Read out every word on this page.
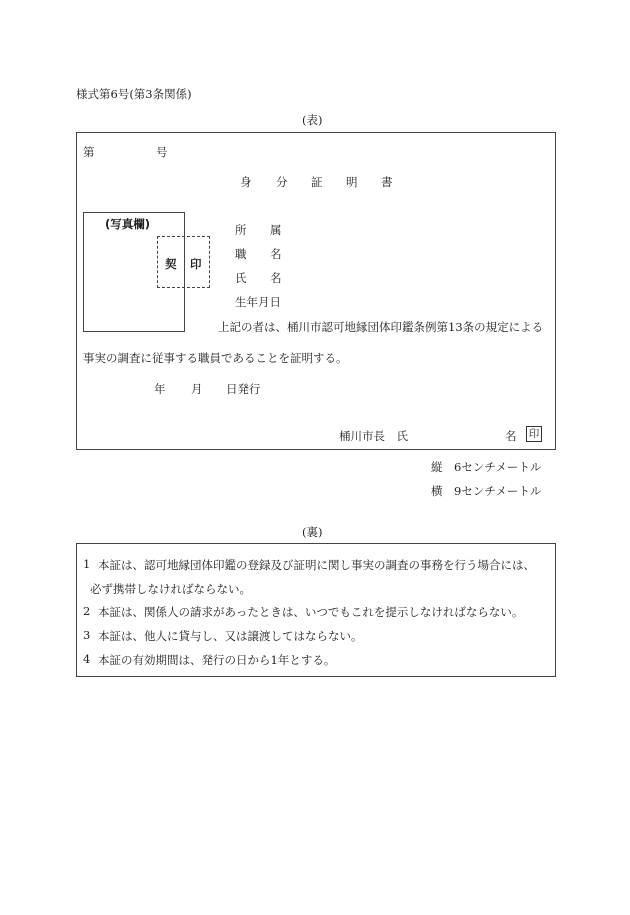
様式第6号(第3条関係)
(表)
第	号
身 分 証 明 書
(写真欄)
契 印
所 属
職 名
氏 名
生年月日
上記の者は、桶川市認可地縁団体印鑑条例第13条の規定による
事実の調査に従事する職員であることを証明する。
年 月 日発行
桶川市長　氏	名 印
縦　6センチメートル
横　9センチメートル
(裏)
1 本証は、認可地縁団体印鑑の登録及び証明に関し事実の調査の事務を行う場合には、
必ず携帯しなければならない。
2 本証は、関係人の請求があったときは、いつでもこれを提示しなければならない。
3 本証は、他人に貸与し、又は譲渡してはならない。
4 本証の有効期間は、発行の日から1年とする。
